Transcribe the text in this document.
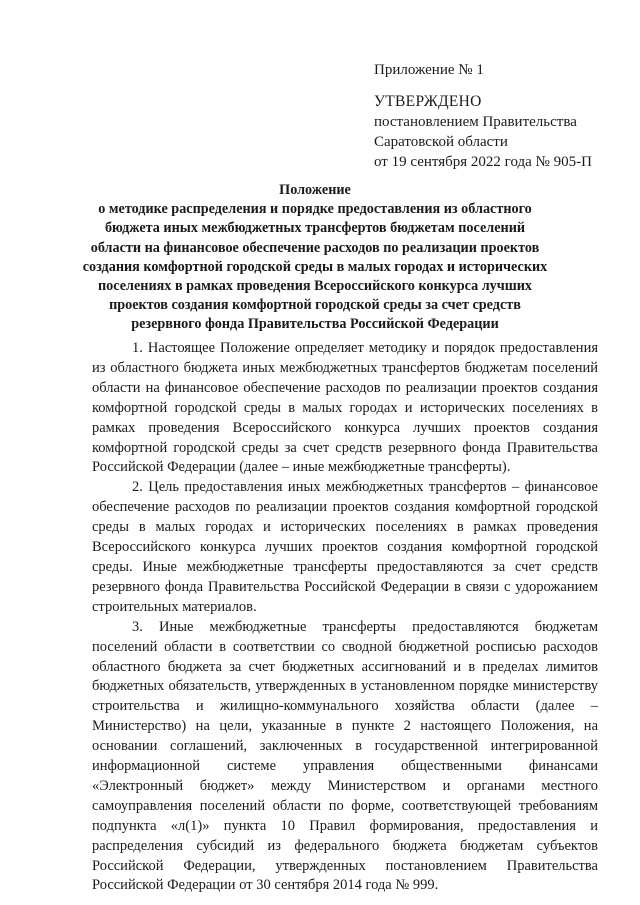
Приложение № 1
УТВЕРЖДЕНО
постановлением Правительства
Саратовской области
от 19 сентября 2022 года № 905-П
Положение
о методике распределения и порядке предоставления из областного бюджета иных межбюджетных трансфертов бюджетам поселений области на финансовое обеспечение расходов по реализации проектов создания комфортной городской среды в малых городах и исторических поселениях в рамках проведения Всероссийского конкурса лучших проектов создания комфортной городской среды за счет средств резервного фонда Правительства Российской Федерации

1. Настоящее Положение определяет методику и порядок предоставления из областного бюджета иных межбюджетных трансфертов бюджетам поселений области на финансовое обеспечение расходов по реализации проектов создания комфортной городской среды в малых городах и исторических поселениях в рамках проведения Всероссийского конкурса лучших проектов создания комфортной городской среды за счет средств резервного фонда Правительства Российской Федерации (далее – иные межбюджетные трансферты).

2. Цель предоставления иных межбюджетных трансфертов – финансовое обеспечение расходов по реализации проектов создания комфортной городской среды в малых городах и исторических поселениях в рамках проведения Всероссийского конкурса лучших проектов создания комфортной городской среды. Иные межбюджетные трансферты предоставляются за счет средств резервного фонда Правительства Российской Федерации в связи с удорожанием строительных материалов.

3. Иные межбюджетные трансферты предоставляются бюджетам поселений области в соответствии со сводной бюджетной росписью расходов областного бюджета за счет бюджетных ассигнований и в пределах лимитов бюджетных обязательств, утвержденных в установленном порядке министерству строительства и жилищно-коммунального хозяйства области (далее – Министерство) на цели, указанные в пункте 2 настоящего Положения, на основании соглашений, заключенных в государственной интегрированной информационной системе управления общественными финансами «Электронный бюджет» между Министерством и органами местного самоуправления поселений области по форме, соответствующей требованиям подпункта «л(1)» пункта 10 Правил формирования, предоставления и распределения субсидий из федерального бюджета бюджетам субъектов Российской Федерации, утвержденных постановлением Правительства Российской Федерации от 30 сентября 2014 года № 999.
